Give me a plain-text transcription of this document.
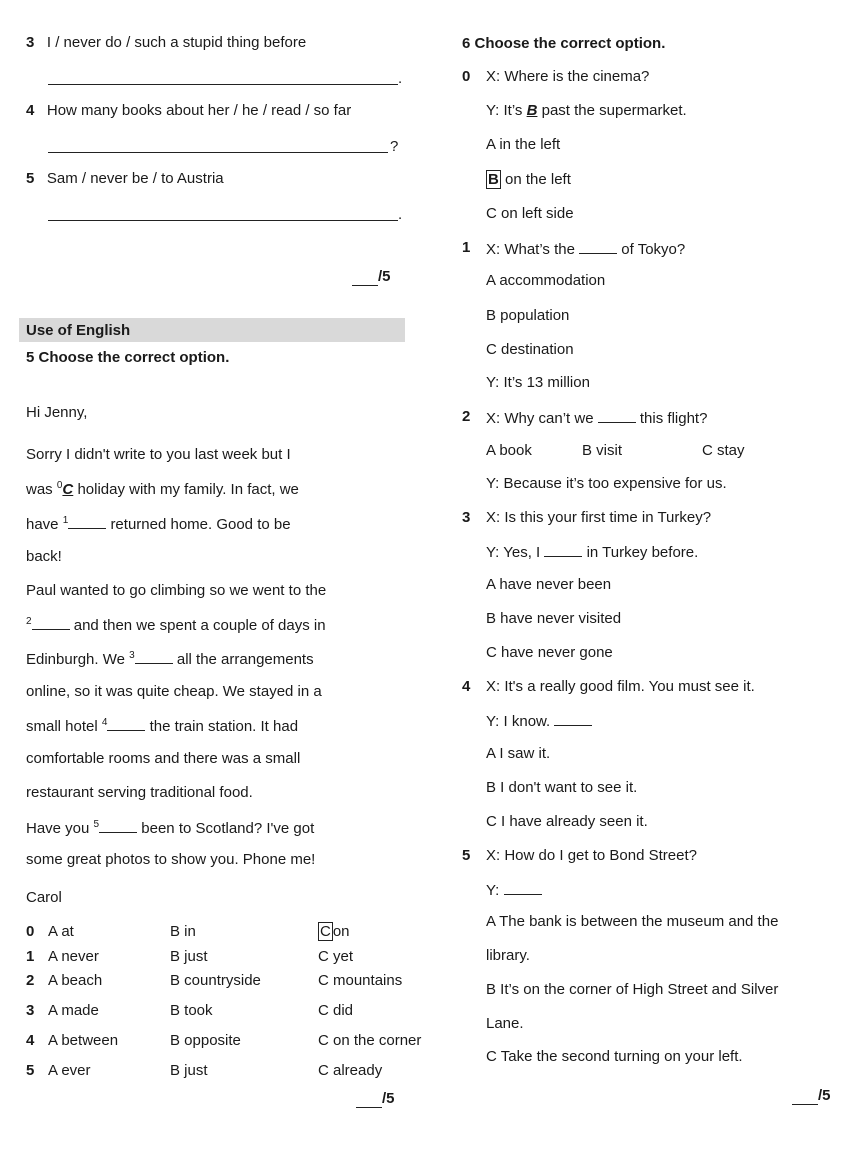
3 I / never do / such a stupid thing before
.
4 How many books about her / he / read / so far
?
5 Sam / never be / to Austria
.
/5
Use of English
5 Choose the correct option.
Hi Jenny,
Sorry I didn't write to you last week but I
was $^0$C holiday with my family. In fact, we
have $^1$	returned home. Good to be
back!
Paul wanted to go climbing so we went to the
$^2$	and then we spent a couple of days in
Edinburgh. We $^3$	all the arrangements
online, so it was quite cheap. We stayed in a
small hotel $^4$	the train station. It had
comfortable rooms and there was a small
restaurant serving traditional food.
Have you $^5$	been to Scotland? I've got
some great photos to show you. Phone me!
Carol
0 A at	B in	C on
1 A never	B just	C yet
2 A beach	B countryside	C mountains
3 A made	B took	C did
4 A between	B opposite	C on the corner
5 A ever	B just	C already
/5
6 Choose the correct option.
0 X: Where is the cinema?
Y: It’s B past the supermarket.
A in the left
B on the left
C on left side
1 X: What’s the	of Tokyo?
A accommodation
B population
C destination
Y: It’s 13 million
2 X: Why can’t we	this flight?
A book	B visit	C stay
Y: Because it’s too expensive for us.
3 X: Is this your first time in Turkey?
Y: Yes, I	in Turkey before.
A have never been
B have never visited
C have never gone
4 X: It's a really good film. You must see it.
Y: I know.
A I saw it.
B I don't want to see it.
C I have already seen it.
5 X: How do I get to Bond Street?
Y:
A The bank is between the museum and the
library.
B It’s on the corner of High Street and Silver
Lane.
C Take the second turning on your left.
/5
